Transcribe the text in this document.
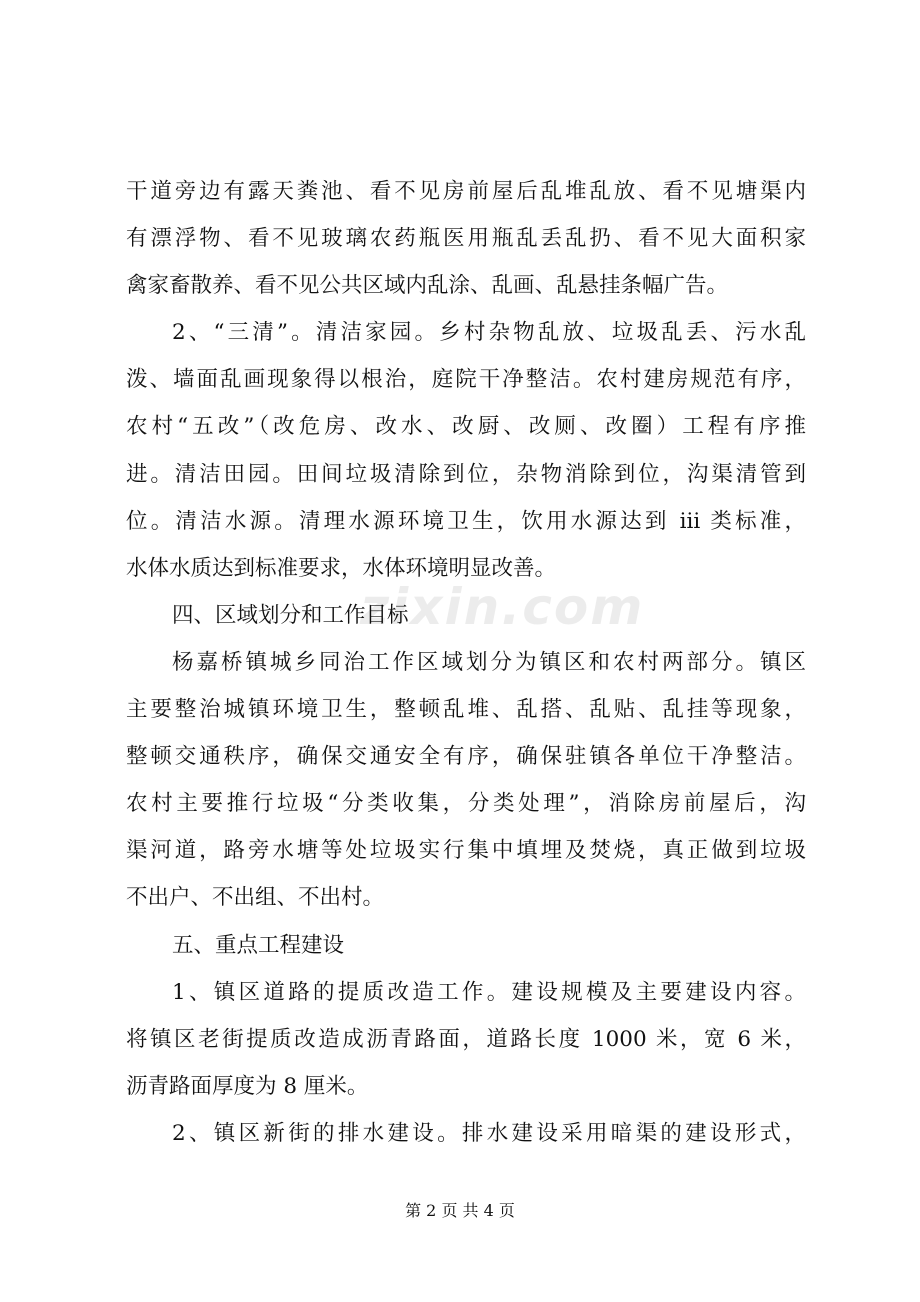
干道旁边有露天粪池、看不见房前屋后乱堆乱放、看不见塘渠内
有漂浮物、看不见玻璃农药瓶医用瓶乱丢乱扔、看不见大面积家
禽家畜散养、看不见公共区域内乱涂、乱画、乱悬挂条幅广告。
2、“三清”。清洁家园。乡村杂物乱放、垃圾乱丢、污水乱
泼、墙面乱画现象得以根治，庭院干净整洁。农村建房规范有序，
农村“五改”（改危房、改水、改厨、改厕、改圈）工程有序推
进。清洁田园。田间垃圾清除到位，杂物消除到位，沟渠清管到
位。清洁水源。清理水源环境卫生，饮用水源达到 iii 类标准，
水体水质达到标准要求，水体环境明显改善。
四、区域划分和工作目标
杨嘉桥镇城乡同治工作区域划分为镇区和农村两部分。镇区
主要整治城镇环境卫生，整顿乱堆、乱搭、乱贴、乱挂等现象，
整顿交通秩序，确保交通安全有序，确保驻镇各单位干净整洁。
农村主要推行垃圾“分类收集，分类处理”，消除房前屋后，沟
渠河道，路旁水塘等处垃圾实行集中填埋及焚烧，真正做到垃圾
不出户、不出组、不出村。
五、重点工程建设
1、镇区道路的提质改造工作。建设规模及主要建设内容。
将镇区老街提质改造成沥青路面，道路长度 1000 米，宽 6 米，
沥青路面厚度为 8 厘米。
2、镇区新街的排水建设。排水建设采用暗渠的建设形式，
zixin.com
第 2 页 共 4 页
